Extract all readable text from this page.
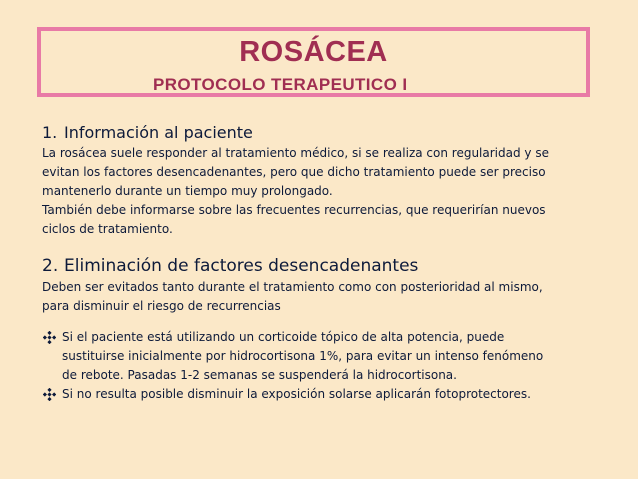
ROSÁCEA
PROTOCOLO TERAPEUTICO I
1. Información al paciente

La rosácea suele responder al tratamiento médico, si se realiza con regularidad y se

evitan los factores desencadenantes, pero que dicho tratamiento puede ser preciso

mantenerlo durante un tiempo muy prolongado.

También debe informarse sobre las frecuentes recurrencias, que requerirían nuevos

ciclos de tratamiento.

2. Eliminación de factores desencadenantes

Deben ser evitados tanto durante el tratamiento como con posterioridad al mismo,

para disminuir el riesgo de recurrencias

Si el paciente está utilizando un corticoide tópico de alta potencia, puede
sustituirse inicialmente por hidrocortisona 1%, para evitar un intenso fenómeno
de rebote. Pasadas 1-2 semanas se suspenderá la hidrocortisona.
Si no resulta posible disminuir la exposición solarse aplicarán fotoprotectores.
